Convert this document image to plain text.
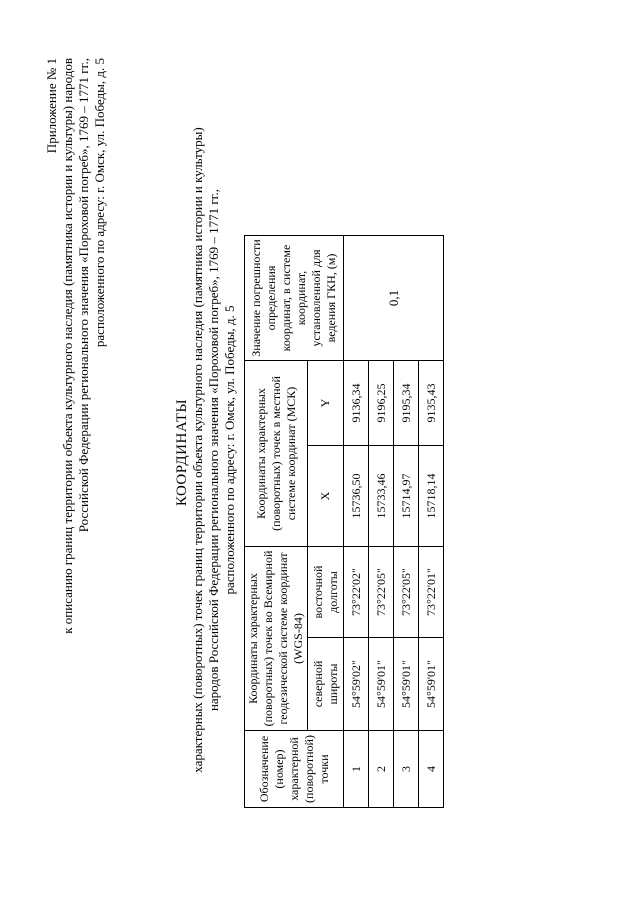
Приложение № 1 к описанию границ территории объекта культурного наследия (памятника истории и культуры) народов Российской Федерации регионального значения «Пороховой погреб», 1769 – 1771 гг., расположенного по адресу: г. Омск, ул. Победы, д. 5
КООРДИНАТЫ характерных (поворотных) точек границ территории объекта культурного наследия (памятника истории и культуры) народов Российской Федерации регионального значения «Пороховой погреб», 1769 – 1771 гг., расположенного по адресу: г. Омск, ул. Победы, д. 5
Обозначение (номер) характерной (поворотной) точки	Координаты характерных (поворотных) точек во Всемирной геодезической системе координат (WGS-84)		Координаты характерных (поворотных) точек в местной системе координат (МСК)		Значение погрешности определения координат, в системе координат, установленной для ведения ГКН, (м)
	северной широты	восточной долготы	X	Y	
1	54°59'02"	73°22'02"	15736,50	9136,34	0,1
2	54°59'01"	73°22'05"	15733,46	9196,25	
3	54°59'01"	73°22'05"	15714,97	9195,34	
4	54°59'01"	73°22'01"	15718,14	9135,43	
